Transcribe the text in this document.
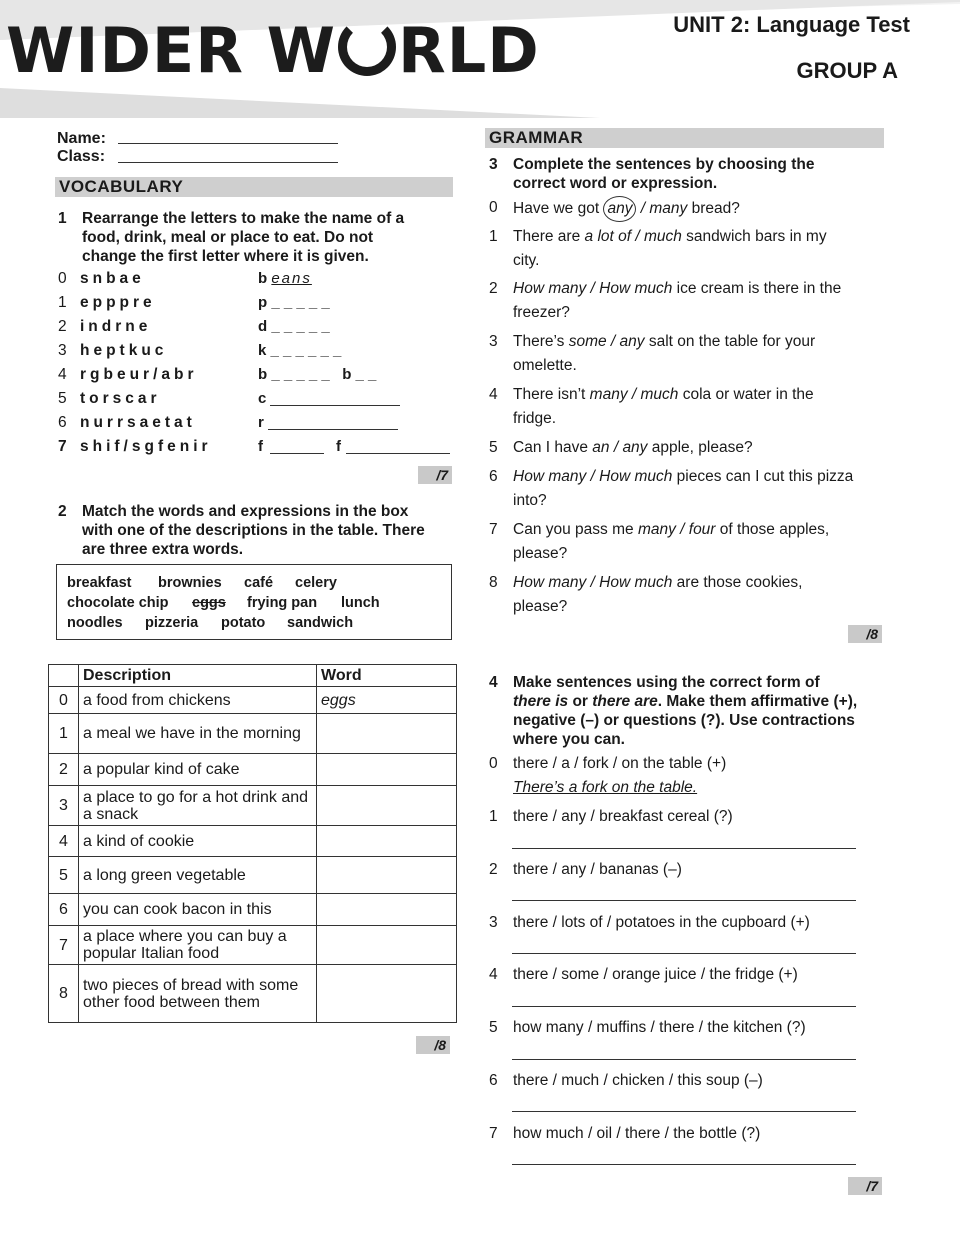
WIDER W RLD	UNIT 2: Language Test
GROUP A
Name:
Class:
VOCABULARY
1 Rearrange the letters to make the name of a
food, drink, meal or place to eat. Do not
change the first letter where it is given.
0 snbae	b eans
1 epppre	p _ _ _ _ _
2 indrne	d _ _ _ _ _
3 heptkuc	k _ _ _ _ _ _
4 rgbeur/abr	b _ _ _ _ _   b _ _
5 torscar	c
6 nurrsaetat	r
7 shif/sgfenir	f	f
/7
2 Match the words and expressions in the box
with one of the descriptions in the table. There
are three extra words.
breakfast brownies café celery
chocolate chip eggs frying pan lunch
noodles pizzeria potato sandwich
	Description	Word
0	a food from chickens	eggs
1	a meal we have in the morning	
2	a popular kind of cake	
3	a place to go for a hot drink and a snack	
4	a kind of cookie	
5	a long green vegetable	
6	you can cook bacon in this	
7	a place where you can buy a popular Italian food	
8	two pieces of bread with some other food between them	
/8
GRAMMAR
3 Complete the sentences by choosing the
correct word or expression.
0 Have we got any / many bread?
1 There are a lot of / much sandwich bars in my
city.
2 How many / How much ice cream is there in the
freezer?
3 There’s some / any salt on the table for your
omelette.
4 There isn’t many / much cola or water in the
fridge.
5 Can I have an / any apple, please?
6 How many / How much pieces can I cut this pizza
into?
7 Can you pass me many / four of those apples,
please?
8 How many / How much are those cookies,
please?
/8
4 Make sentences using the correct form of
there is or there are. Make them affirmative (+),
negative (–) or questions (?). Use contractions
where you can.
0 there / a / fork / on the table (+)
There’s a fork on the table.
1 there / any / breakfast cereal (?)
2 there / any / bananas (–)
3 there / lots of / potatoes in the cupboard (+)
4 there / some / orange juice / the fridge (+)
5 how many / muffins / there / the kitchen (?)
6 there / much / chicken / this soup (–)
7 how much / oil / there / the bottle (?)
/7
